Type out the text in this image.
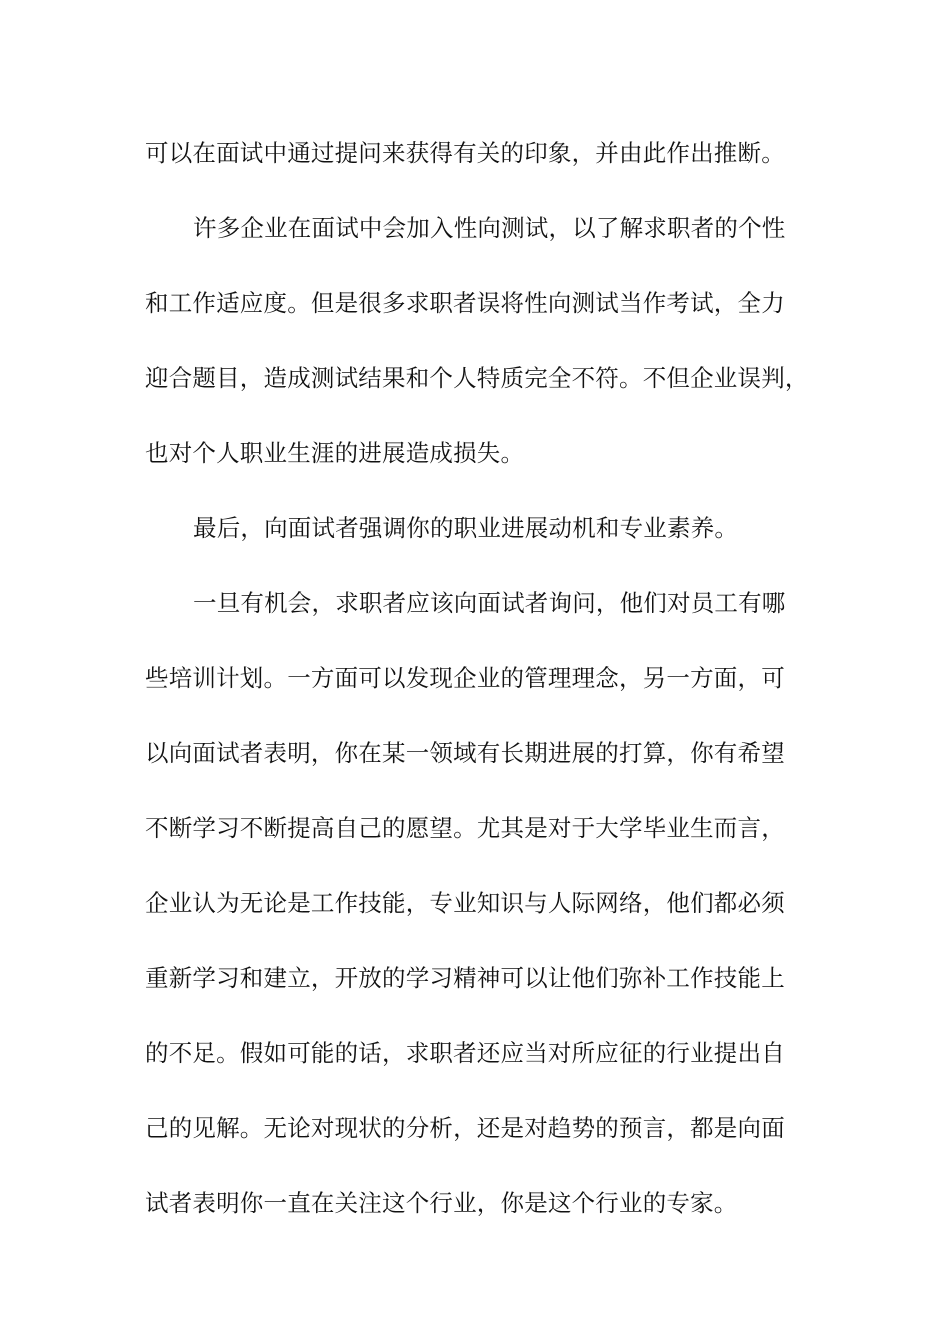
可以在面试中通过提问来获得有关的印象，并由此作出推断。
许多企业在面试中会加入性向测试，以了解求职者的个性
和工作适应度。但是很多求职者误将性向测试当作考试，全力
迎合题目，造成测试结果和个人特质完全不符。不但企业误判，
也对个人职业生涯的进展造成损失。
最后，向面试者强调你的职业进展动机和专业素养。
一旦有机会，求职者应该向面试者询问，他们对员工有哪
些培训计划。一方面可以发现企业的管理理念，另一方面，可
以向面试者表明，你在某一领域有长期进展的打算，你有希望
不断学习不断提高自己的愿望。尤其是对于大学毕业生而言，
企业认为无论是工作技能，专业知识与人际网络，他们都必须
重新学习和建立，开放的学习精神可以让他们弥补工作技能上
的不足。假如可能的话，求职者还应当对所应征的行业提出自
己的见解。无论对现状的分析，还是对趋势的预言，都是向面
试者表明你一直在关注这个行业，你是这个行业的专家。
